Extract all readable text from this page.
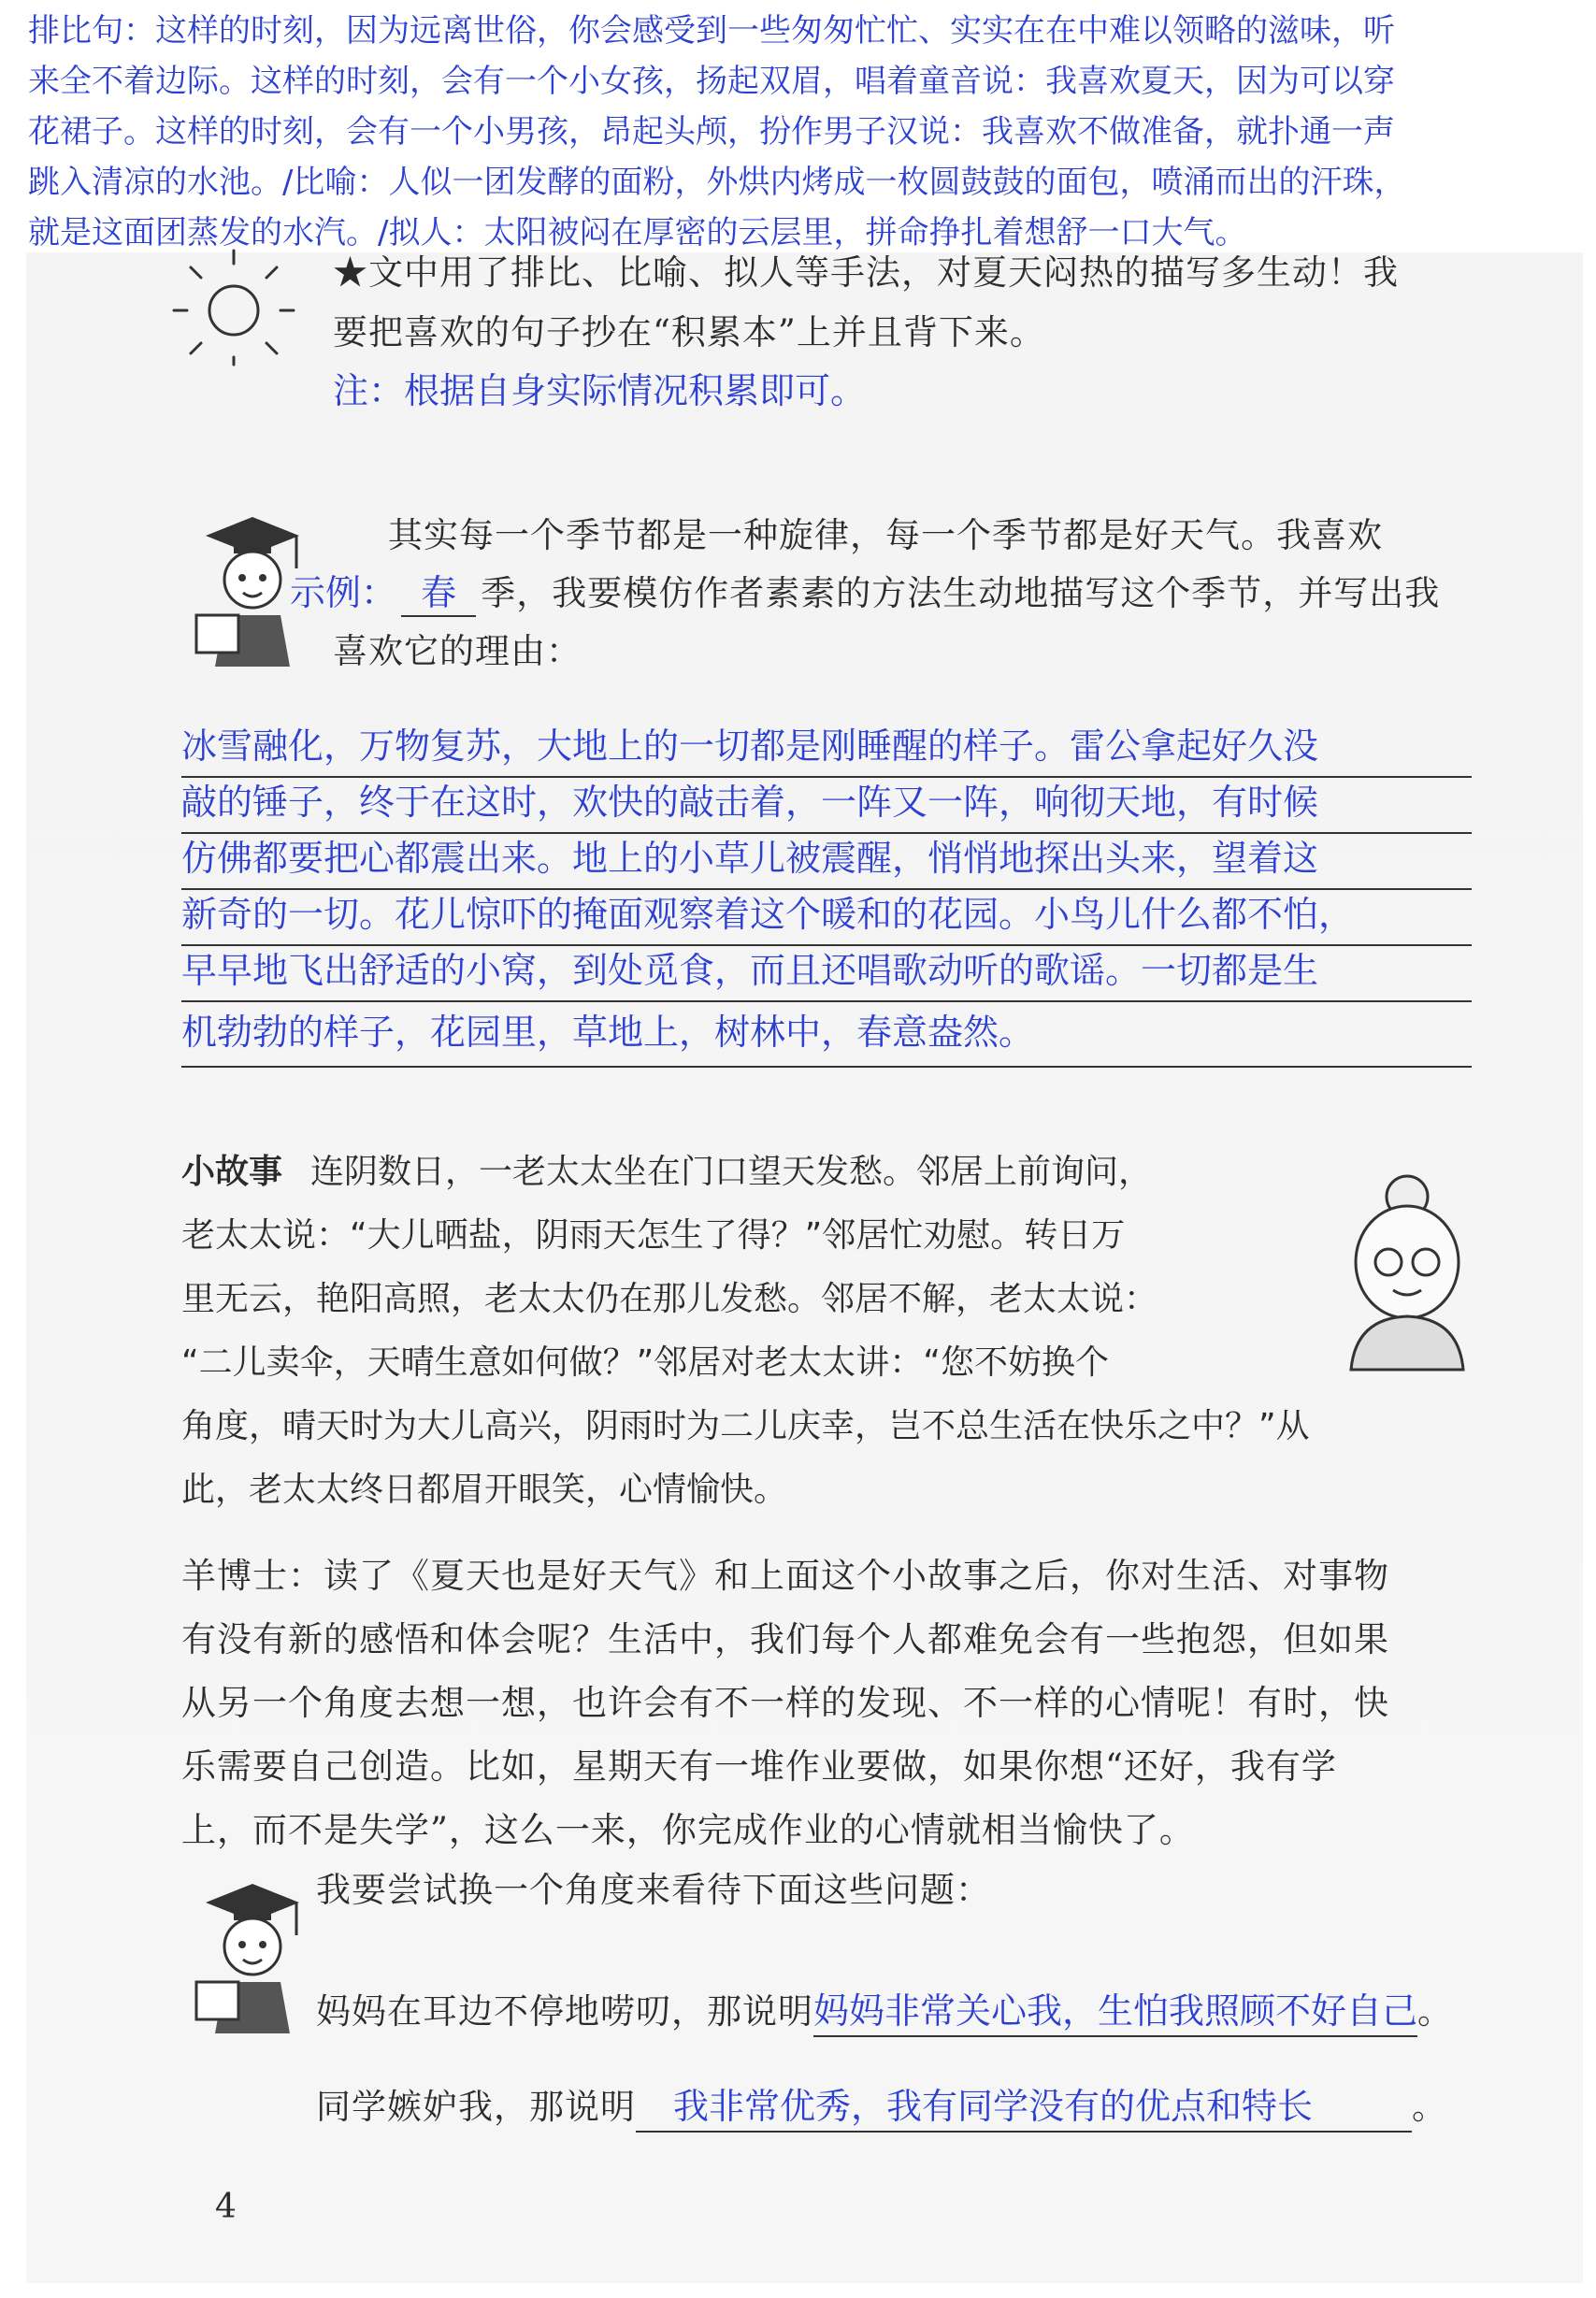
排比句：这样的时刻，因为远离世俗，你会感受到一些匆匆忙忙、实实在在中难以领略的滋味，听
来全不着边际。这样的时刻，会有一个小女孩，扬起双眉，唱着童音说：我喜欢夏天，因为可以穿
花裙子。这样的时刻，会有一个小男孩，昂起头颅，扮作男子汉说：我喜欢不做准备，就扑通一声
跳入清凉的水池。/比喻：人似一团发酵的面粉，外烘内烤成一枚圆鼓鼓的面包，喷涌而出的汗珠，
就是这面团蒸发的水汽。/拟人：太阳被闷在厚密的云层里，拼命挣扎着想舒一口大气。
★文中用了排比、比喻、拟人等手法，对夏天闷热的描写多生动！我
要把喜欢的句子抄在“积累本”上并且背下来。
注：根据自身实际情况积累即可。
其实每一个季节都是一种旋律，每一个季节都是好天气。我喜欢
示例： 春 季，我要模仿作者素素的方法生动地描写这个季节，并写出我
喜欢它的理由：
冰雪融化，万物复苏，大地上的一切都是刚睡醒的样子。雷公拿起好久没
敲的锤子，终于在这时，欢快的敲击着，一阵又一阵，响彻天地，有时候
仿佛都要把心都震出来。地上的小草儿被震醒，悄悄地探出头来，望着这
新奇的一切。花儿惊吓的掩面观察着这个暖和的花园。小鸟儿什么都不怕，
早早地飞出舒适的小窝，到处觅食，而且还唱歌动听的歌谣。一切都是生
机勃勃的样子，花园里，草地上，树林中，春意盎然。
小故事 连阴数日，一老太太坐在门口望天发愁。邻居上前询问，
老太太说：“大儿晒盐，阴雨天怎生了得？”邻居忙劝慰。转日万
里无云，艳阳高照，老太太仍在那儿发愁。邻居不解，老太太说：
“二儿卖伞，天晴生意如何做？”邻居对老太太讲：“您不妨换个
角度，晴天时为大儿高兴，阴雨时为二儿庆幸，岂不总生活在快乐之中？”从
此，老太太终日都眉开眼笑，心情愉快。
羊博士：读了《夏天也是好天气》和上面这个小故事之后，你对生活、对事物
有没有新的感悟和体会呢？生活中，我们每个人都难免会有一些抱怨，但如果
从另一个角度去想一想，也许会有不一样的发现、不一样的心情呢！有时，快
乐需要自己创造。比如，星期天有一堆作业要做，如果你想“还好，我有学
上，而不是失学”，这么一来，你完成作业的心情就相当愉快了。
我要尝试换一个角度来看待下面这些问题：
妈妈在耳边不停地唠叨，那说明妈妈非常关心我，生怕我照顾不好自己。
同学嫉妒我，那说明 我非常优秀，我有同学没有的优点和特长	。
4
